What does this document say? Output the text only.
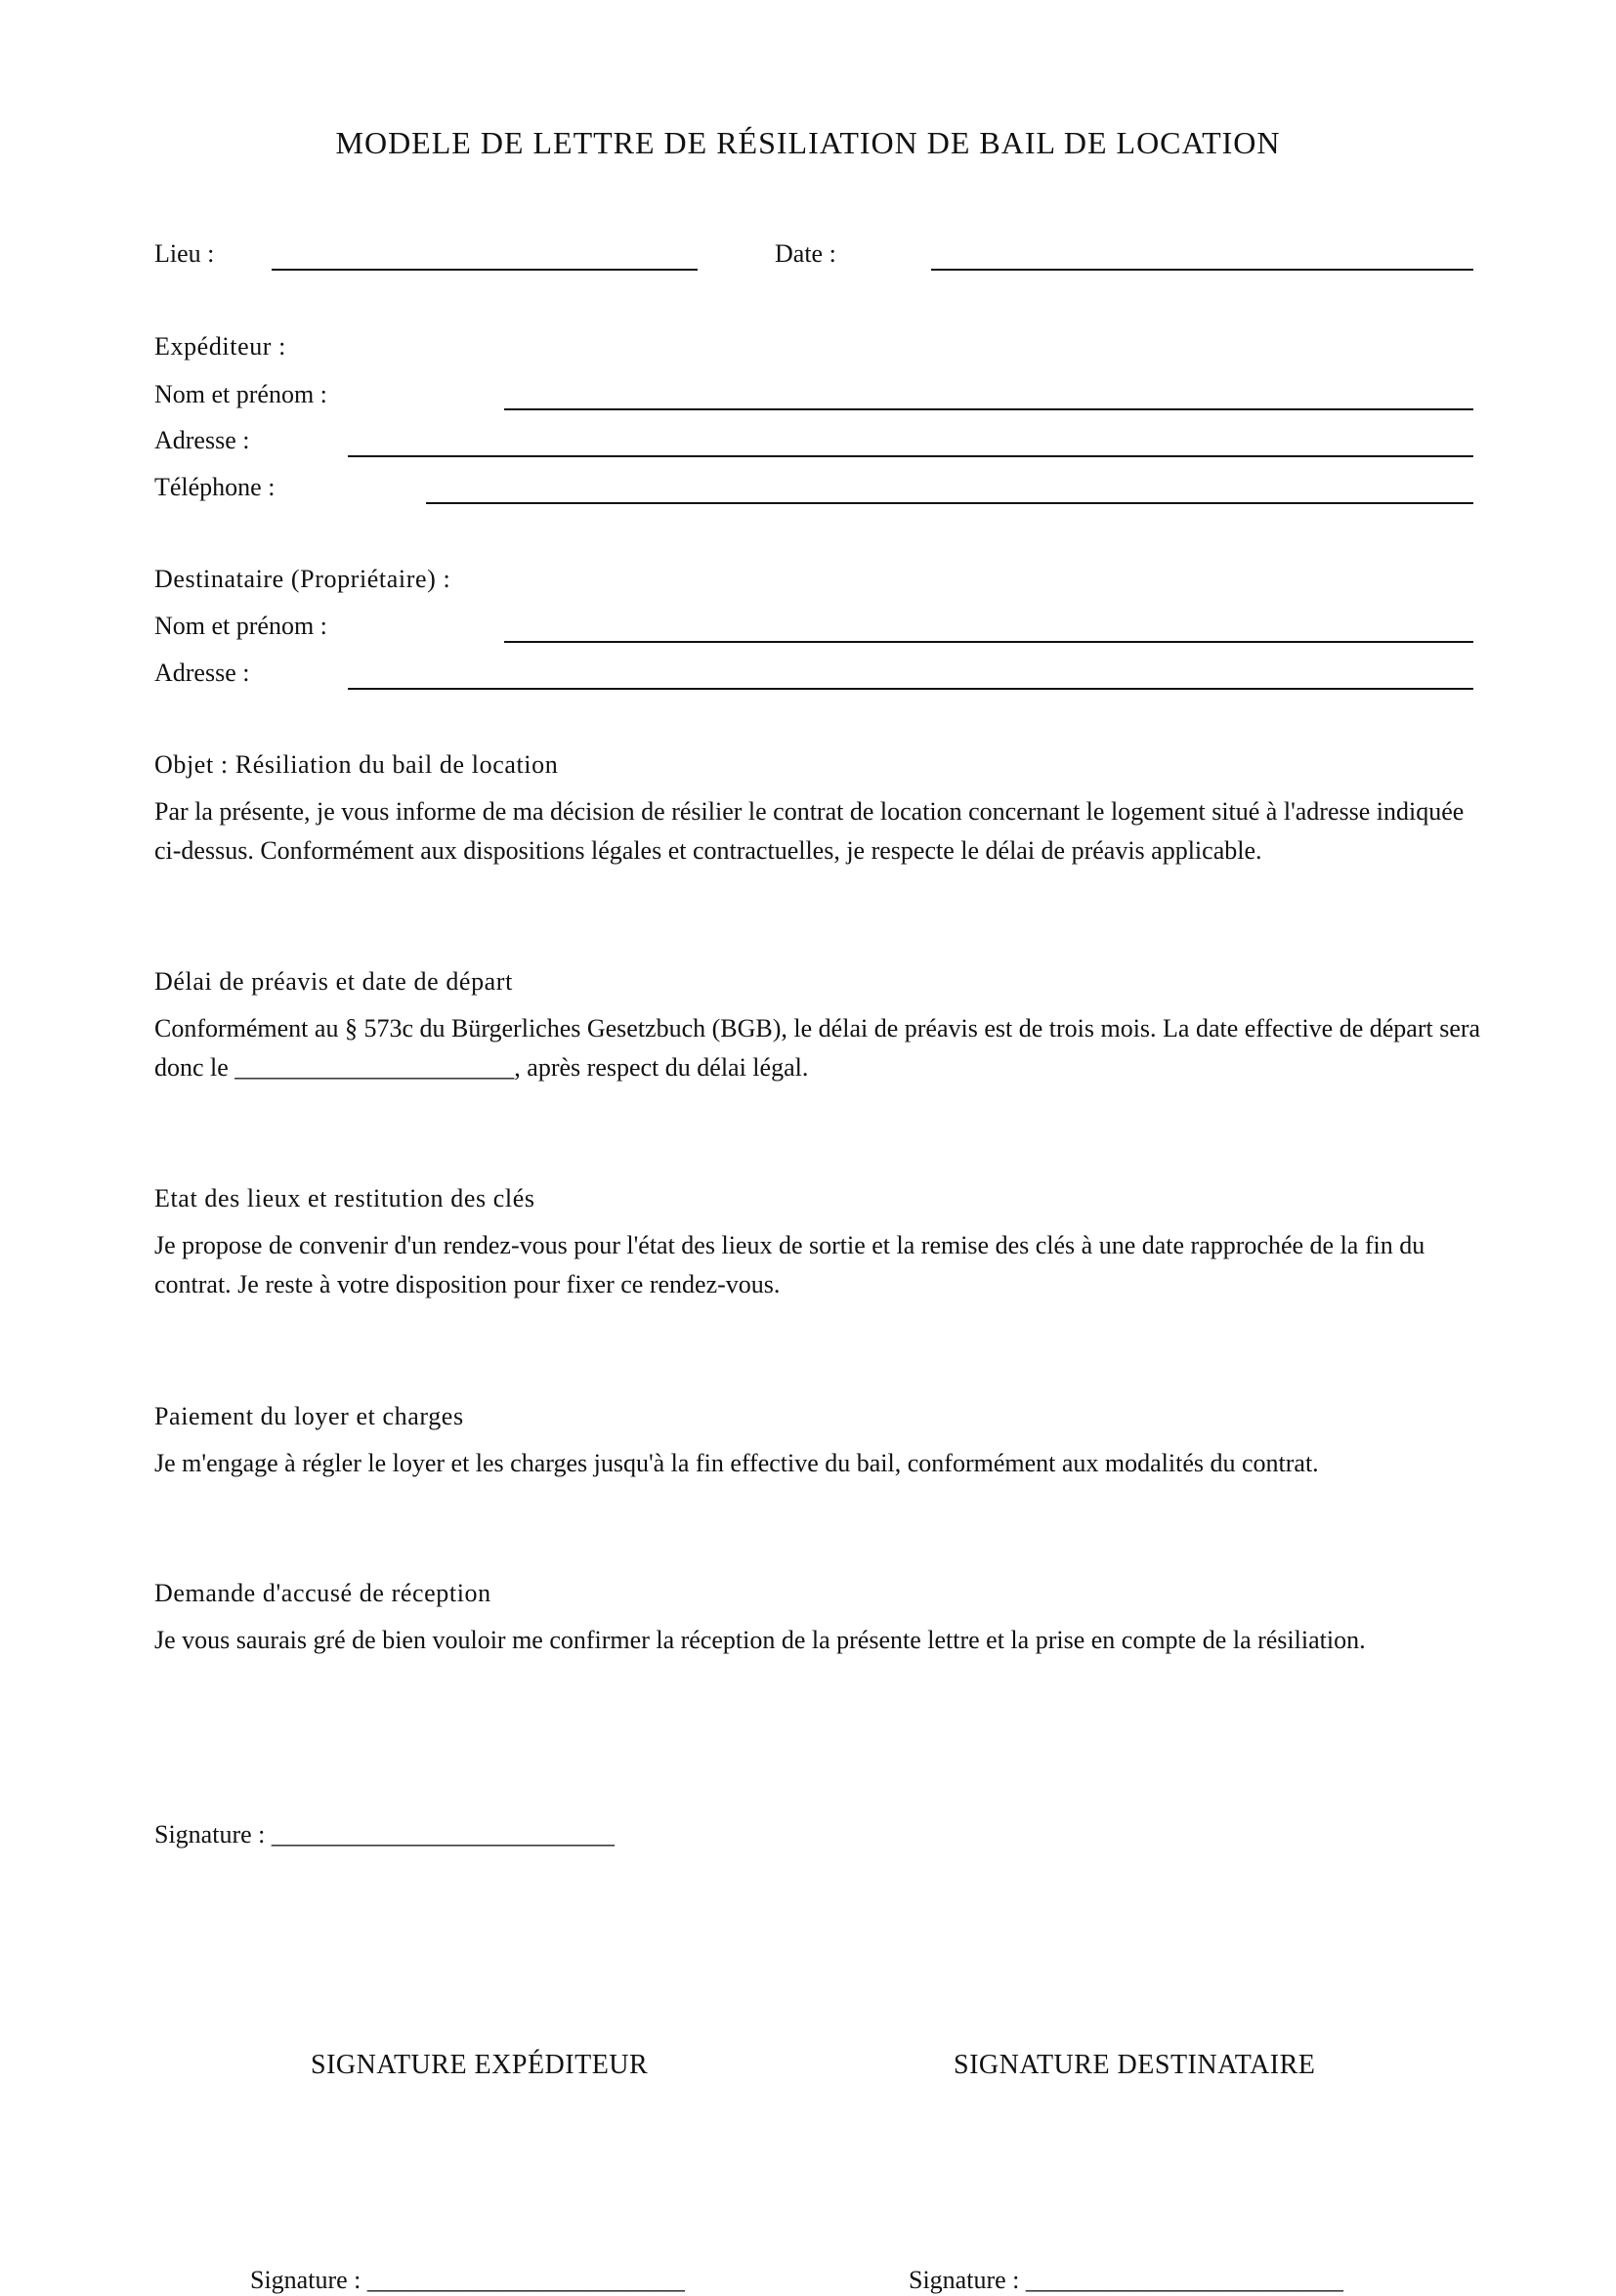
MODELE DE LETTRE DE RÉSILIATION DE BAIL DE LOCATION
Lieu :	Date :
Expéditeur :
Nom et prénom :
Adresse :
Téléphone :
Destinataire (Propriétaire) :
Nom et prénom :
Adresse :
Objet : Résiliation du bail de location
Par la présente, je vous informe de ma décision de résilier le contrat de location concernant le logement situé à l'adresse indiquée ci-dessus. Conformément aux dispositions légales et contractuelles, je respecte le délai de préavis applicable.
Délai de préavis et date de départ
Conformément au § 573c du Bürgerliches Gesetzbuch (BGB), le délai de préavis est de trois mois. La date effective de départ sera donc le ______________________, après respect du délai légal.
Etat des lieux et restitution des clés
Je propose de convenir d'un rendez-vous pour l'état des lieux de sortie et la remise des clés à une date rapprochée de la fin du contrat. Je reste à votre disposition pour fixer ce rendez-vous.
Paiement du loyer et charges
Je m'engage à régler le loyer et les charges jusqu'à la fin effective du bail, conformément aux modalités du contrat.
Demande d'accusé de réception
Je vous saurais gré de bien vouloir me confirmer la réception de la présente lettre et la prise en compte de la résiliation.
Signature : ___________________________
SIGNATURE EXPÉDITEUR	SIGNATURE DESTINATAIRE
Signature : _________________________	Signature : _________________________
